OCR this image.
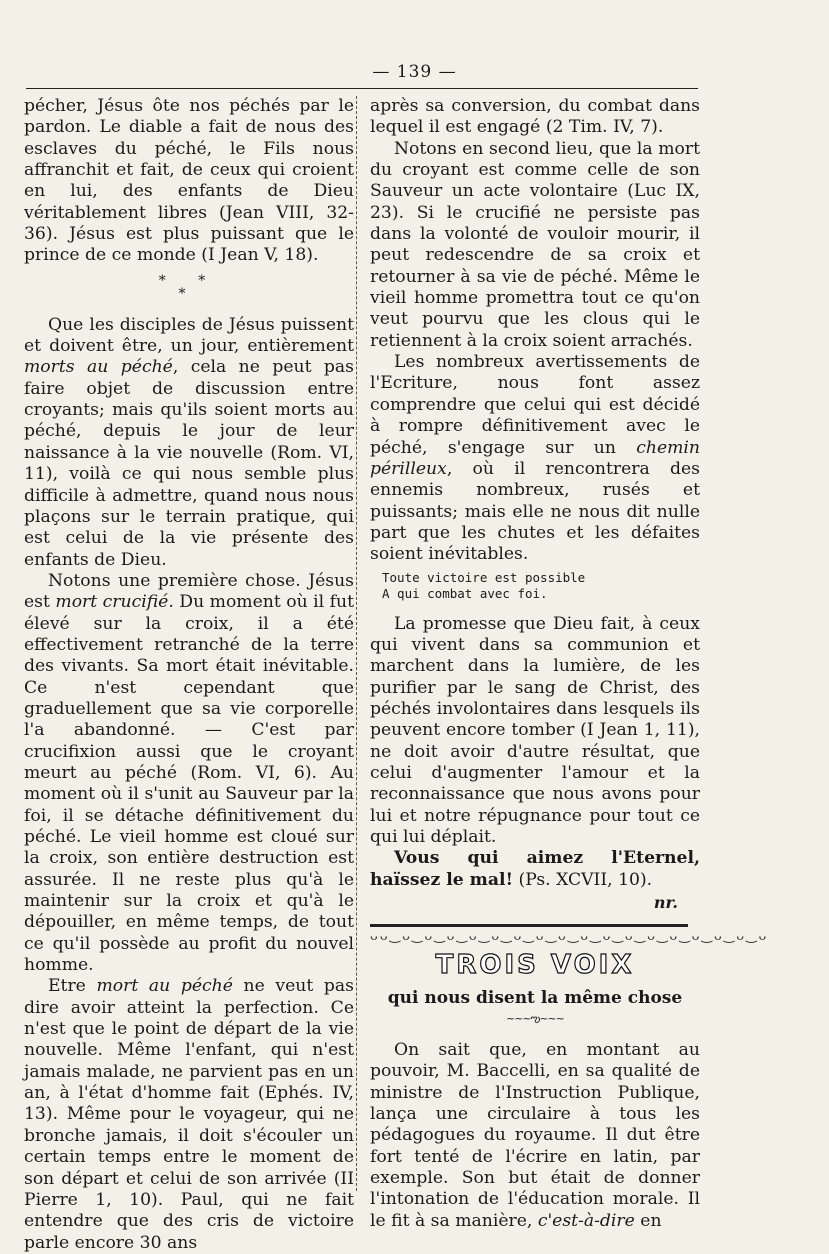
— 139 —

pécher, Jésus ôte nos péchés par le pardon. Le diable a fait de nous des esclaves du péché, le Fils nous affranchit et fait, de ceux qui croient en lui, des enfants de Dieu véritablement libres (Jean VIII, 32-36). Jésus est plus puissant que le prince de ce monde (I Jean V, 18).

* *
*

Que les disciples de Jésus puissent et doivent être, un jour, entièrement morts au péché, cela ne peut pas faire objet de discussion entre croyants; mais qu'ils soient morts au péché, depuis le jour de leur naissance à la vie nouvelle (Rom. VI, 11), voilà ce qui nous semble plus difficile à admettre, quand nous nous plaçons sur le terrain pratique, qui est celui de la vie présente des enfants de Dieu.

Notons une première chose. Jésus est mort crucifié. Du moment où il fut élevé sur la croix, il a été effectivement retranché de la terre des vivants. Sa mort était inévitable. Ce n'est cependant que graduellement que sa vie corporelle l'a abandonné. — C'est par crucifixion aussi que le croyant meurt au péché (Rom. VI, 6). Au moment où il s'unit au Sauveur par la foi, il se détache définitivement du péché. Le vieil homme est cloué sur la croix, son entière destruction est assurée. Il ne reste plus qu'à le maintenir sur la croix et qu'à le dépouiller, en même temps, de tout ce qu'il possède au profit du nouvel homme.

Etre mort au péché ne veut pas dire avoir atteint la perfection. Ce n'est que le point de départ de la vie nouvelle. Même l'enfant, qui n'est jamais malade, ne parvient pas en un an, à l'état d'homme fait (Ephés. IV, 13). Même pour le voyageur, qui ne bronche jamais, il doit s'écouler un certain temps entre le moment de son départ et celui de son arrivée (II Pierre 1, 10). Paul, qui ne fait entendre que des cris de victoire parle encore 30 ans

après sa conversion, du combat dans lequel il est engagé (2 Tim. IV, 7).

Notons en second lieu, que la mort du croyant est comme celle de son Sauveur un acte volontaire (Luc IX, 23). Si le crucifié ne persiste pas dans la volonté de vouloir mourir, il peut redescendre de sa croix et retourner à sa vie de péché. Même le vieil homme promettra tout ce qu'on veut pourvu que les clous qui le retiennent à la croix soient arrachés.

Les nombreux avertissements de l'Ecriture, nous font assez comprendre que celui qui est décidé à rompre définitivement avec le péché, s'engage sur un chemin périlleux, où il rencontrera des ennemis nombreux, rusés et puissants; mais elle ne nous dit nulle part que les chutes et les défaites soient inévitables.

Toute victoire est possible
A qui combat avec foi.

La promesse que Dieu fait, à ceux qui vivent dans sa communion et marchent dans la lumière, de les purifier par le sang de Christ, des péchés involontaires dans lesquels ils peuvent encore tomber (I Jean 1, 11), ne doit avoir d'autre résultat, que celui d'augmenter l'amour et la reconnaissance que nous avons pour lui et notre répugnance pour tout ce qui lui déplait.

Vous qui aimez l'Eternel, haïssez le mal! (Ps. XCVII, 10).

nr.
ᴗᴗ‿ᴗ‿ᴗ‿ᴗ‿ᴗ‿ᴗ‿ᴗ‿ᴗ‿ᴗ‿ᴗ‿ᴗ‿ᴗ‿ᴗ‿ᴗ‿ᴗ‿ᴗ‿ᴗ‿ᴗ
TROIS VOIX
qui nous disent la même chose
~~~ఌ~~~

On sait que, en montant au pouvoir, M. Baccelli, en sa qualité de ministre de l'Instruction Publique, lança une circulaire à tous les pédagogues du royaume. Il dut être fort tenté de l'écrire en latin, par exemple. Son but était de donner l'intonation de l'éducation morale. Il le fit à sa manière, c'est-à-dire en
